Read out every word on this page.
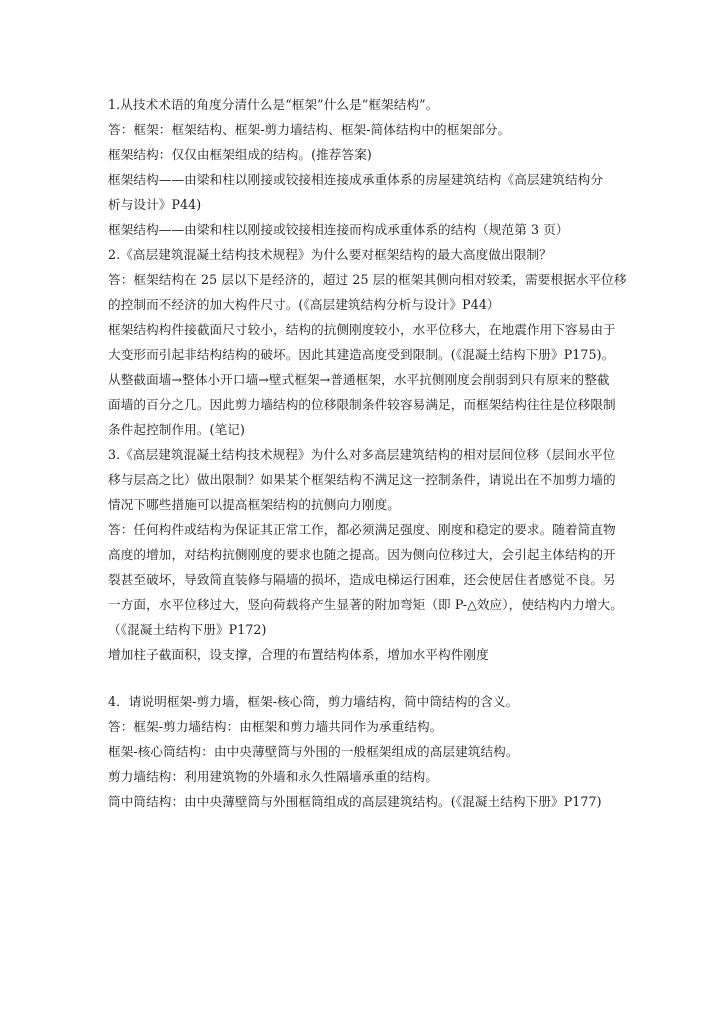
1.从技术术语的角度分清什么是“框架”什么是“框架结构”。

答：框架：框架结构、框架-剪力墙结构、框架-简体结构中的框架部分。

框架结构：仅仅由框架组成的结构。(推荐答案)

框架结构——由梁和柱以刚接或铰接相连接成承重体系的房屋建筑结构《高层建筑结构分

析与设计》P44)

框架结构——由梁和柱以刚接或铰接相连接而构成承重体系的结构（规范第 3 页）

2.《高层建筑混凝土结构技术规程》为什么要对框架结构的最大高度做出限制？

答：框架结构在 25 层以下是经济的，超过 25 层的框架其侧向相对较柔，需要根据水平位移

的控制而不经济的加大构件尺寸。(《高层建筑结构分析与设计》P44）

框架结构构件接截面尺寸较小，结构的抗侧刚度较小，水平位移大，在地震作用下容易由于

大变形而引起非结构结构的破坏。因此其建造高度受到限制。(《混凝土结构下册》P175)。

从整截面墙→整体小开口墙→壁式框架→普通框架，水平抗侧刚度会削弱到只有原来的整截

面墙的百分之几。因此剪力墙结构的位移限制条件较容易满足，而框架结构往往是位移限制

条件起控制作用。(笔记)

3.《高层建筑混凝土结构技术规程》为什么对多高层建筑结构的相对层间位移（层间水平位

移与层高之比）做出限制？如果某个框架结构不满足这一控制条件，请说出在不加剪力墙的

情况下哪些措施可以提高框架结构的抗侧向力刚度。

答：任何构件或结构为保证其正常工作，都必须满足强度、刚度和稳定的要求。随着简直物

高度的增加，对结构抗侧刚度的要求也随之提高。因为侧向位移过大，会引起主体结构的开

裂甚至破坏，导致简直装修与隔墙的损坏，造成电梯运行困难，还会使居住者感觉不良。另

一方面，水平位移过大，竖向荷载将产生显著的附加弯矩（即 P-△效应），使结构内力增大。

（《混凝土结构下册》P172)

增加柱子截面积，设支撑，合理的布置结构体系，增加水平构件刚度

4．请说明框架-剪力墙，框架-核心筒，剪力墙结构，简中筒结构的含义。

答：框架-剪力墙结构：由框架和剪力墙共同作为承重结构。

框架-核心筒结构：由中央薄壁筒与外围的一般框架组成的高层建筑结构。

剪力墙结构：利用建筑物的外墙和永久性隔墙承重的结构。

筒中筒结构：由中央薄壁筒与外围框筒组成的高层建筑结构。(《混凝土结构下册》P177)
